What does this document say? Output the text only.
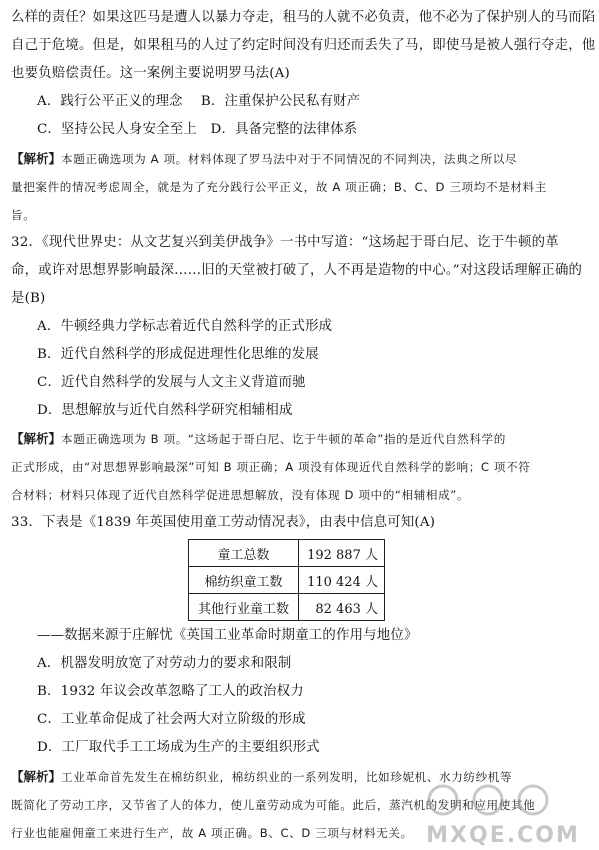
么样的责任？如果这匹马是遭人以暴力夺走，租马的人就不必负责，他不必为了保护别人的马而陷
自己于危境。但是，如果租马的人过了约定时间没有归还而丢失了马，即使马是被人强行夺走，他
也要负赔偿责任。这一案例主要说明罗马法(A)
A．践行公平正义的理念　 B．注重保护公民私有财产
C．坚持公民人身安全至上　D．具备完整的法律体系
【解析】本题正确选项为 A 项。材料体现了罗马法中对于不同情况的不同判决，法典之所以尽
量把案件的情况考虑周全，就是为了充分践行公平正义，故 A 项正确；B、C、D 三项均不是材料主
旨。
32．《现代世界史：从文艺复兴到美伊战争》一书中写道：“这场起于哥白尼、讫于牛顿的革
命，或许对思想界影响最深……旧的天堂被打破了，人不再是造物的中心。”对这段话理解正确的
是(B)
A．牛顿经典力学标志着近代自然科学的正式形成
B．近代自然科学的形成促进理性化思维的发展
C．近代自然科学的发展与人文主义背道而驰
D．思想解放与近代自然科学研究相辅相成
【解析】本题正确选项为 B 项。“这场起于哥白尼、讫于牛顿的革命”指的是近代自然科学的
正式形成，由“对思想界影响最深”可知 B 项正确；A 项没有体现近代自然科学的影响；C 项不符
合材料；材料只体现了近代自然科学促进思想解放，没有体现 D 项中的“相辅相成”。
33．下表是《1839 年英国使用童工劳动情况表》，由表中信息可知(A)
童工总数	192 887 人
棉纺织童工数	110 424 人
其他行业童工数	82 463 人
——数据来源于庄解忧《英国工业革命时期童工的作用与地位》
A．机器发明放宽了对劳动力的要求和限制
B．1932 年议会改革忽略了工人的政治权力
C．工业革命促成了社会两大对立阶级的形成
D．工厂取代手工工场成为生产的主要组织形式
【解析】工业革命首先发生在棉纺织业，棉纺织业的一系列发明，比如珍妮机、水力纺纱机等
既简化了劳动工序，又节省了人的体力，使儿童劳动成为可能。此后，蒸汽机的发明和应用使其他
行业也能雇佣童工来进行生产，故 A 项正确。B、C、D 三项与材料无关。 MXQE.COM
